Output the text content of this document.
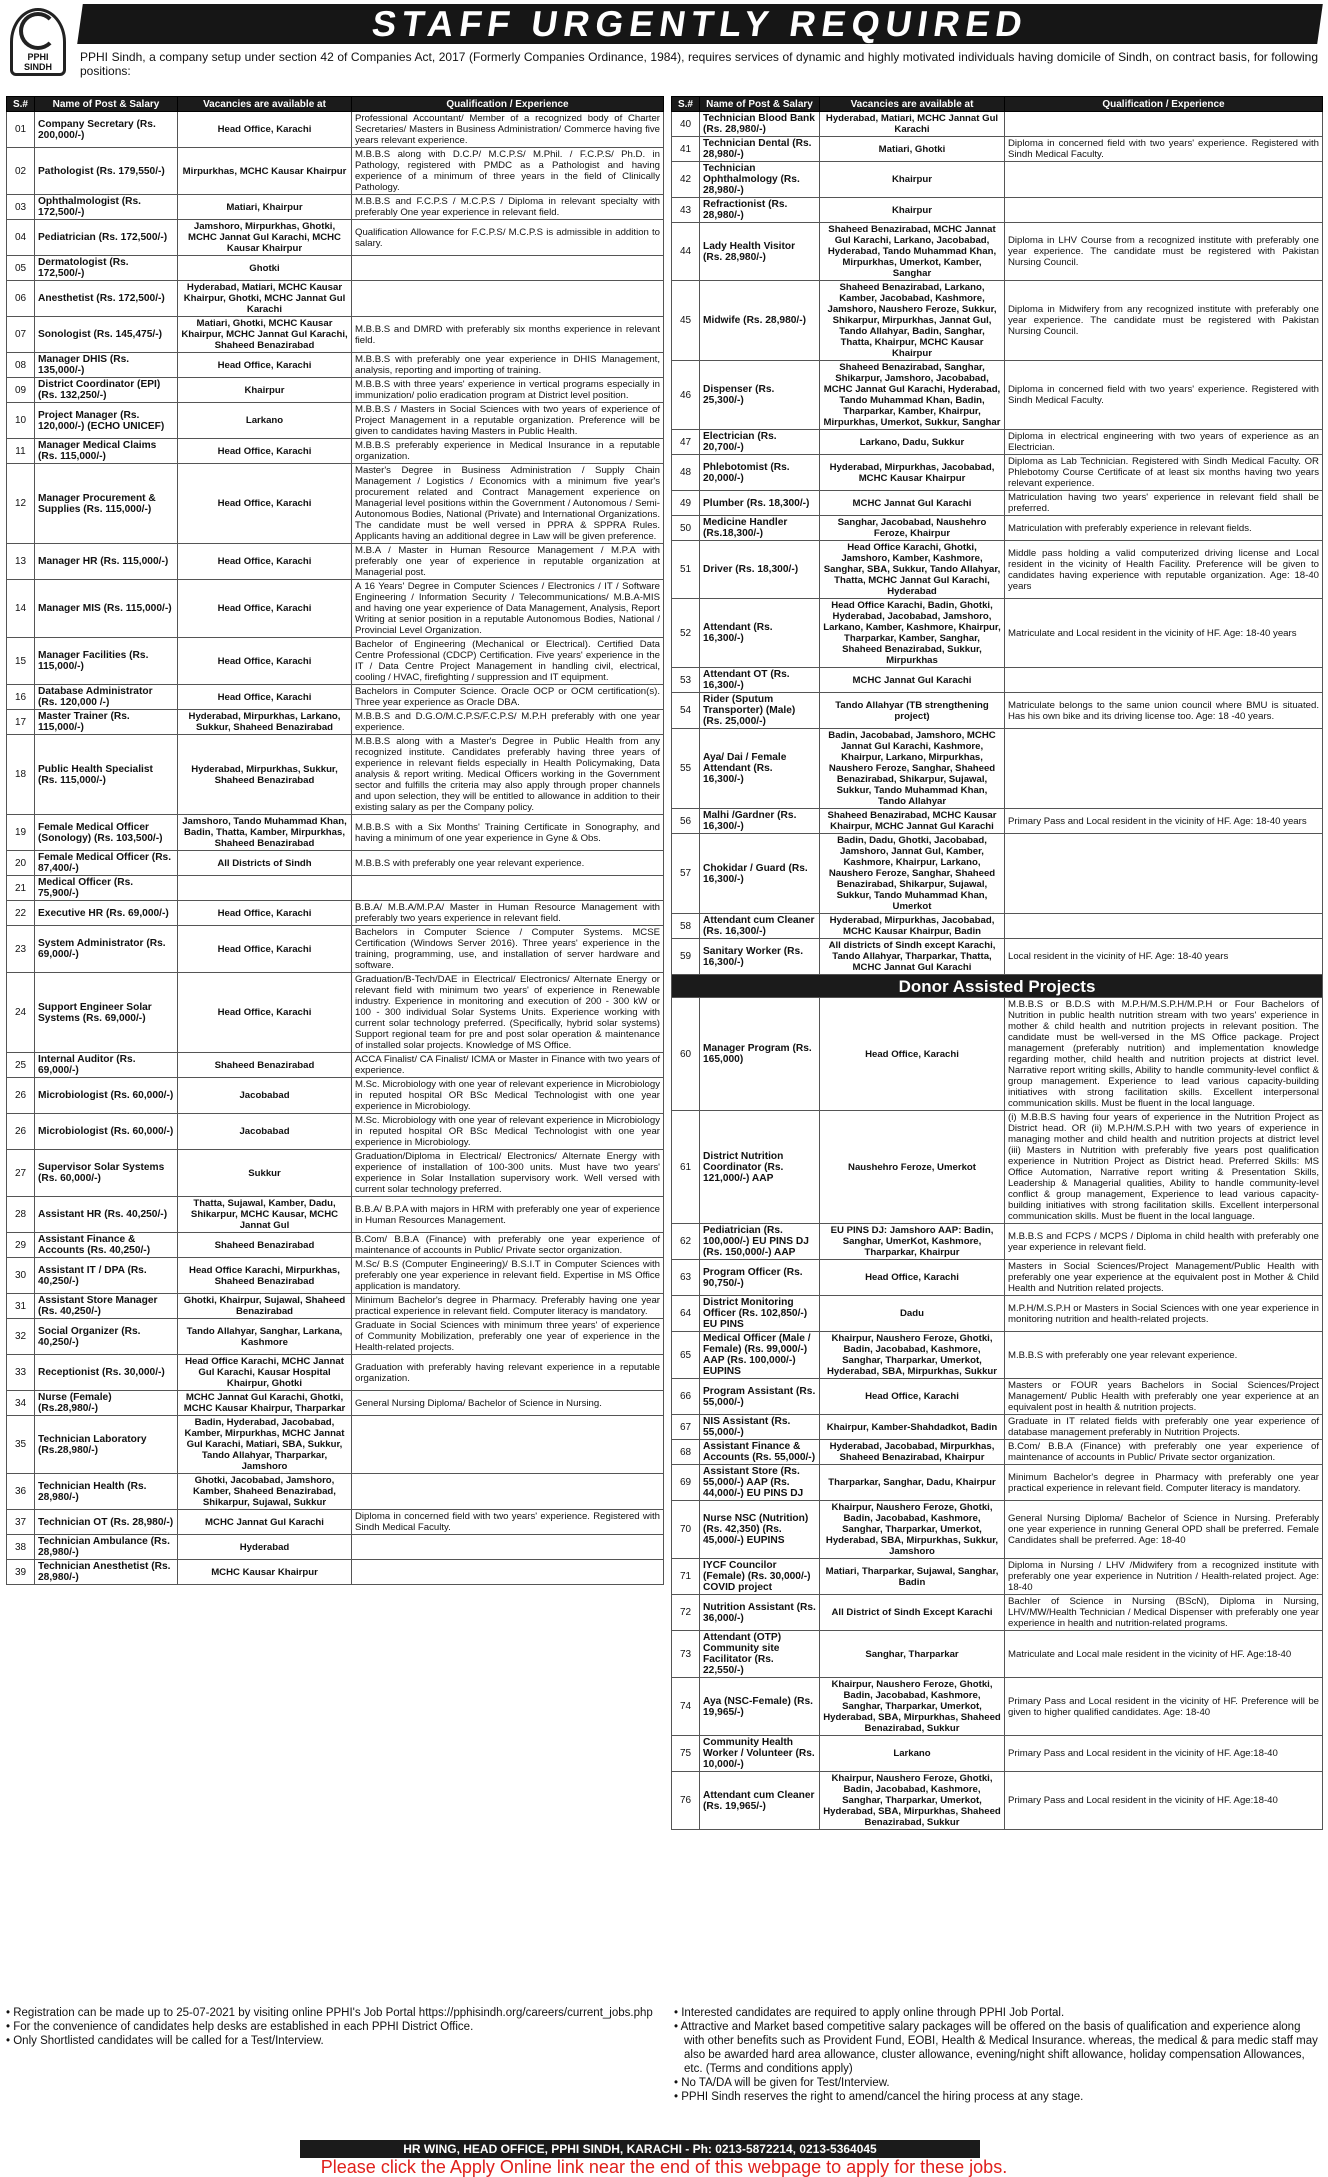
PPHI SINDH
STAFF URGENTLY REQUIRED
PPHI Sindh, a company setup under section 42 of Companies Act, 2017 (Formerly Companies Ordinance, 1984), requires services of dynamic and highly motivated individuals having domicile of Sindh, on contract basis, for following positions:
S.#	Name of Post & Salary	Vacancies are available at	Qualification / Experience
01	Company Secretary (Rs. 200,000/-)	Head Office, Karachi	Professional Accountant/ Member of a recognized body of Charter Secretaries/ Masters in Business Administration/ Commerce having five years relevant experience.
02	Pathologist (Rs. 179,550/-)	Mirpurkhas, MCHC Kausar Khairpur	M.B.B.S along with D.C.P/ M.C.P.S/ M.Phil. / F.C.P.S/ Ph.D. in Pathology, registered with PMDC as a Pathologist and having experience of a minimum of three years in the field of Clinically Pathology.
03	Ophthalmologist (Rs. 172,500/-)	Matiari, Khairpur	M.B.B.S and F.C.P.S / M.C.P.S / Diploma in relevant specialty with preferably One year experience in relevant field.
04	Pediatrician (Rs. 172,500/-)	Jamshoro, Mirpurkhas, Ghotki, MCHC Jannat Gul Karachi, MCHC Kausar Khairpur	Qualification Allowance for F.C.P.S/ M.C.P.S is admissible in addition to salary.
05	Dermatologist (Rs. 172,500/-)	Ghotki	
06	Anesthetist (Rs. 172,500/-)	Hyderabad, Matiari, MCHC Kausar Khairpur, Ghotki, MCHC Jannat Gul Karachi	
07	Sonologist (Rs. 145,475/-)	Matiari, Ghotki, MCHC Kausar Khairpur, MCHC Jannat Gul Karachi, Shaheed Benazirabad	M.B.B.S and DMRD with preferably six months experience in relevant field.
08	Manager DHIS (Rs. 135,000/-)	Head Office, Karachi	M.B.B.S with preferably one year experience in DHIS Management, analysis, reporting and importing of training.
09	District Coordinator (EPI) (Rs. 132,250/-)	Khairpur	M.B.B.S with three years' experience in vertical programs especially in immunization/ polio eradication program at District level position.
10	Project Manager (Rs. 120,000/-) (ECHO UNICEF)	Larkano	M.B.B.S / Masters in Social Sciences with two years of experience of Project Management in a reputable organization. Preference will be given to candidates having Masters in Public Health.
11	Manager Medical Claims (Rs. 115,000/-)	Head Office, Karachi	M.B.B.S preferably experience in Medical Insurance in a reputable organization.
12	Manager Procurement & Supplies (Rs. 115,000/-)	Head Office, Karachi	Master's Degree in Business Administration / Supply Chain Management / Logistics / Economics with a minimum five year's procurement related and Contract Management experience on Managerial level positions within the Government / Autonomous / Semi-Autonomous Bodies, National (Private) and International Organizations. The candidate must be well versed in PPRA & SPPRA Rules. Applicants having an additional degree in Law will be given preference.
13	Manager HR (Rs. 115,000/-)	Head Office, Karachi	M.B.A / Master in Human Resource Management / M.P.A with preferably one year of experience in reputable organization at Managerial post.
14	Manager MIS (Rs. 115,000/-)	Head Office, Karachi	A 16 Years' Degree in Computer Sciences / Electronics / IT / Software Engineering / Information Security / Telecommunications/ M.B.A-MIS and having one year experience of Data Management, Analysis, Report Writing at senior position in a reputable Autonomous Bodies, National / Provincial Level Organization.
15	Manager Facilities (Rs. 115,000/-)	Head Office, Karachi	Bachelor of Engineering (Mechanical or Electrical). Certified Data Centre Professional (CDCP) Certification. Five years' experience in the IT / Data Centre Project Management in handling civil, electrical, cooling / HVAC, firefighting / suppression and IT equipment.
16	Database Administrator (Rs. 120,000 /-)	Head Office, Karachi	Bachelors in Computer Science. Oracle OCP or OCM certification(s). Three year experience as Oracle DBA.
17	Master Trainer (Rs. 115,000/-)	Hyderabad, Mirpurkhas, Larkano, Sukkur, Shaheed Benazirabad	M.B.B.S and D.G.O/M.C.P.S/F.C.P.S/ M.P.H preferably with one year experience.
18	Public Health Specialist (Rs. 115,000/-)	Hyderabad, Mirpurkhas, Sukkur, Shaheed Benazirabad	M.B.B.S along with a Master's Degree in Public Health from any recognized institute. Candidates preferably having three years of experience in relevant fields especially in Health Policymaking, Data analysis & report writing. Medical Officers working in the Government sector and fulfills the criteria may also apply through proper channels and upon selection, they will be entitled to allowance in addition to their existing salary as per the Company policy.
19	Female Medical Officer (Sonology) (Rs. 103,500/-)	Jamshoro, Tando Muhammad Khan, Badin, Thatta, Kamber, Mirpurkhas, Shaheed Benazirabad	M.B.B.S with a Six Months' Training Certificate in Sonography, and having a minimum of one year experience in Gyne & Obs.
20	Female Medical Officer (Rs. 87,400/-)	All Districts of Sindh	M.B.B.S with preferably one year relevant experience.
21	Medical Officer (Rs. 75,900/-)		
22	Executive HR (Rs. 69,000/-)	Head Office, Karachi	B.B.A/ M.B.A/M.P.A/ Master in Human Resource Management with preferably two years experience in relevant field.
23	System Administrator (Rs. 69,000/-)	Head Office, Karachi	Bachelors in Computer Science / Computer Systems. MCSE Certification (Windows Server 2016). Three years' experience in the training, programming, use, and installation of server hardware and software.
24	Support Engineer Solar Systems (Rs. 69,000/-)	Head Office, Karachi	Graduation/B-Tech/DAE in Electrical/ Electronics/ Alternate Energy or relevant field with minimum two years' of experience in Renewable industry. Experience in monitoring and execution of 200 - 300 kW or 100 - 300 individual Solar Systems Units. Experience working with current solar technology preferred. (Specifically, hybrid solar systems) Support regional team for pre and post solar operation & maintenance of installed solar projects. Knowledge of MS Office.
25	Internal Auditor (Rs. 69,000/-)	Shaheed Benazirabad	ACCA Finalist/ CA Finalist/ ICMA or Master in Finance with two years of experience.
26	Microbiologist (Rs. 60,000/-)	Jacobabad	M.Sc. Microbiology with one year of relevant experience in Microbiology in reputed hospital OR BSc Medical Technologist with one year experience in Microbiology.
26	Microbiologist (Rs. 60,000/-)	Jacobabad	M.Sc. Microbiology with one year of relevant experience in Microbiology in reputed hospital OR BSc Medical Technologist with one year experience in Microbiology.
27	Supervisor Solar Systems (Rs. 60,000/-)	Sukkur	Graduation/Diploma in Electrical/ Electronics/ Alternate Energy with experience of installation of 100-300 units. Must have two years' experience in Solar Installation supervisory work. Well versed with current solar technology preferred.
28	Assistant HR (Rs. 40,250/-)	Thatta, Sujawal, Kamber, Dadu, Shikarpur, MCHC Kausar, MCHC Jannat Gul	B.B.A/ B.P.A with majors in HRM with preferably one year of experience in Human Resources Management.
29	Assistant Finance & Accounts (Rs. 40,250/-)	Shaheed Benazirabad	B.Com/ B.B.A (Finance) with preferably one year experience of maintenance of accounts in Public/ Private sector organization.
30	Assistant IT / DPA (Rs. 40,250/-)	Head Office Karachi, Mirpurkhas, Shaheed Benazirabad	M.Sc/ B.S (Computer Engineering)/ B.S.I.T in Computer Sciences with preferably one year experience in relevant field. Expertise in MS Office application is mandatory.
31	Assistant Store Manager (Rs. 40,250/-)	Ghotki, Khairpur, Sujawal, Shaheed Benazirabad	Minimum Bachelor's degree in Pharmacy. Preferably having one year practical experience in relevant field. Computer literacy is mandatory.
32	Social Organizer (Rs. 40,250/-)	Tando Allahyar, Sanghar, Larkana, Kashmore	Graduate in Social Sciences with minimum three years' of experience of Community Mobilization, preferably one year of experience in the Health-related projects.
33	Receptionist (Rs. 30,000/-)	Head Office Karachi, MCHC Jannat Gul Karachi, Kausar Hospital Khairpur, Ghotki	Graduation with preferably having relevant experience in a reputable organization.
34	Nurse (Female) (Rs.28,980/-)	MCHC Jannat Gul Karachi, Ghotki, MCHC Kausar Khairpur, Tharparkar	General Nursing Diploma/ Bachelor of Science in Nursing.
35	Technician Laboratory (Rs.28,980/-)	Badin, Hyderabad, Jacobabad, Kamber, Mirpurkhas, MCHC Jannat Gul Karachi, Matiari, SBA, Sukkur, Tando Allahyar, Tharparkar, Jamshoro	
36	Technician Health (Rs. 28,980/-)	Ghotki, Jacobabad, Jamshoro, Kamber, Shaheed Benazirabad, Shikarpur, Sujawal, Sukkur	
37	Technician OT (Rs. 28,980/-)	MCHC Jannat Gul Karachi	Diploma in concerned field with two years' experience. Registered with Sindh Medical Faculty.
38	Technician Ambulance (Rs. 28,980/-)	Hyderabad	
39	Technician Anesthetist (Rs. 28,980/-)	MCHC Kausar Khairpur	
S.#	Name of Post & Salary	Vacancies are available at	Qualification / Experience
40	Technician Blood Bank (Rs. 28,980/-)	Hyderabad, Matiari, MCHC Jannat Gul Karachi	
41	Technician Dental (Rs. 28,980/-)	Matiari, Ghotki	Diploma in concerned field with two years' experience. Registered with Sindh Medical Faculty.
42	Technician Ophthalmology (Rs. 28,980/-)	Khairpur	
43	Refractionist (Rs. 28,980/-)	Khairpur	
44	Lady Health Visitor (Rs. 28,980/-)	Shaheed Benazirabad, MCHC Jannat Gul Karachi, Larkano, Jacobabad, Hyderabad, Tando Muhammad Khan, Mirpurkhas, Umerkot, Kamber, Sanghar	Diploma in LHV Course from a recognized institute with preferably one year experience. The candidate must be registered with Pakistan Nursing Council.
45	Midwife (Rs. 28,980/-)	Shaheed Benazirabad, Larkano, Kamber, Jacobabad, Kashmore, Jamshoro, Naushero Feroze, Sukkur, Shikarpur, Mirpurkhas, Jannat Gul, Tando Allahyar, Badin, Sanghar, Thatta, Khairpur, MCHC Kausar Khairpur	Diploma in Midwifery from any recognized institute with preferably one year experience. The candidate must be registered with Pakistan Nursing Council.
46	Dispenser (Rs. 25,300/-)	Shaheed Benazirabad, Sanghar, Shikarpur, Jamshoro, Jacobabad, MCHC Jannat Gul Karachi, Hyderabad, Tando Muhammad Khan, Badin, Tharparkar, Kamber, Khairpur, Mirpurkhas, Umerkot, Sukkur, Sanghar	Diploma in concerned field with two years' experience. Registered with Sindh Medical Faculty.
47	Electrician (Rs. 20,700/-)	Larkano, Dadu, Sukkur	Diploma in electrical engineering with two years of experience as an Electrician.
48	Phlebotomist (Rs. 20,000/-)	Hyderabad, Mirpurkhas, Jacobabad, MCHC Kausar Khairpur	Diploma as Lab Technician. Registered with Sindh Medical Faculty. OR Phlebotomy Course Certificate of at least six months having two years relevant experience.
49	Plumber (Rs. 18,300/-)	MCHC Jannat Gul Karachi	Matriculation having two years' experience in relevant field shall be preferred.
50	Medicine Handler (Rs.18,300/-)	Sanghar, Jacobabad, Naushehro Feroze, Khairpur	Matriculation with preferably experience in relevant fields.
51	Driver (Rs. 18,300/-)	Head Office Karachi, Ghotki, Jamshoro, Kamber, Kashmore, Sanghar, SBA, Sukkur, Tando Allahyar, Thatta, MCHC Jannat Gul Karachi, Hyderabad	Middle pass holding a valid computerized driving license and Local resident in the vicinity of Health Facility. Preference will be given to candidates having experience with reputable organization. Age: 18-40 years
52	Attendant (Rs. 16,300/-)	Head Office Karachi, Badin, Ghotki, Hyderabad, Jacobabad, Jamshoro, Larkano, Kamber, Kashmore, Khairpur, Tharparkar, Kamber, Sanghar, Shaheed Benazirabad, Sukkur, Mirpurkhas	Matriculate and Local resident in the vicinity of HF. Age: 18-40 years
53	Attendant OT (Rs. 16,300/-)	MCHC Jannat Gul Karachi	
54	Rider (Sputum Transporter) (Male) (Rs. 25,000/-)	Tando Allahyar (TB strengthening project)	Matriculate belongs to the same union council where BMU is situated. Has his own bike and its driving license too. Age: 18 -40 years.
55	Aya/ Dai / Female Attendant (Rs. 16,300/-)	Badin, Jacobabad, Jamshoro, MCHC Jannat Gul Karachi, Kashmore, Khairpur, Larkano, Mirpurkhas, Naushero Feroze, Sanghar, Shaheed Benazirabad, Shikarpur, Sujawal, Sukkur, Tando Muhammad Khan, Tando Allahyar	
56	Malhi /Gardner (Rs. 16,300/-)	Shaheed Benazirabad, MCHC Kausar Khairpur, MCHC Jannat Gul Karachi	Primary Pass and Local resident in the vicinity of HF. Age: 18-40 years
57	Chokidar / Guard (Rs. 16,300/-)	Badin, Dadu, Ghotki, Jacobabad, Jamshoro, Jannat Gul, Kamber, Kashmore, Khairpur, Larkano, Naushero Feroze, Sanghar, Shaheed Benazirabad, Shikarpur, Sujawal, Sukkur, Tando Muhammad Khan, Umerkot	
58	Attendant cum Cleaner (Rs. 16,300/-)	Hyderabad, Mirpurkhas, Jacobabad, MCHC Kausar Khairpur, Badin	
59	Sanitary Worker (Rs. 16,300/-)	All districts of Sindh except Karachi, Tando Allahyar, Tharparkar, Thatta, MCHC Jannat Gul Karachi	Local resident in the vicinity of HF. Age: 18-40 years
Donor Assisted Projects			
60	Manager Program (Rs. 165,000)	Head Office, Karachi	M.B.B.S or B.D.S with M.P.H/M.S.P.H/M.P.H or Four Bachelors of Nutrition in public health nutrition stream with two years' experience in mother & child health and nutrition projects in relevant position. The candidate must be well-versed in the MS Office package. Project management (preferably nutrition) and implementation knowledge regarding mother, child health and nutrition projects at district level. Narrative report writing skills, Ability to handle community-level conflict & group management. Experience to lead various capacity-building initiatives with strong facilitation skills. Excellent interpersonal communication skills. Must be fluent in the local language.
61	District Nutrition Coordinator (Rs. 121,000/-) AAP	Naushehro Feroze, Umerkot	(i) M.B.B.S having four years of experience in the Nutrition Project as District head. OR (ii) M.P.H/M.S.P.H with two years of experience in managing mother and child health and nutrition projects at district level (iii) Masters in Nutrition with preferably five years post qualification experience in Nutrition Project as District head. Preferred Skills: MS Office Automation, Narrative report writing & Presentation Skills, Leadership & Managerial qualities, Ability to handle community-level conflict & group management, Experience to lead various capacity-building initiatives with strong facilitation skills. Excellent interpersonal communication skills. Must be fluent in the local language.
62	Pediatrician (Rs. 100,000/-) EU PINS DJ (Rs. 150,000/-) AAP	EU PINS DJ: Jamshoro AAP: Badin, Sanghar, UmerKot, Kashmore, Tharparkar, Khairpur	M.B.B.S and FCPS / MCPS / Diploma in child health with preferably one year experience in relevant field.
63	Program Officer (Rs. 90,750/-)	Head Office, Karachi	Masters in Social Sciences/Project Management/Public Health with preferably one year experience at the equivalent post in Mother & Child Health and Nutrition related projects.
64	District Monitoring Officer (Rs. 102,850/-) EU PINS	Dadu	M.P.H/M.S.P.H or Masters in Social Sciences with one year experience in monitoring nutrition and health-related projects.
65	Medical Officer (Male / Female) (Rs. 99,000/-) AAP (Rs. 100,000/-) EUPINS	Khairpur, Naushero Feroze, Ghotki, Badin, Jacobabad, Kashmore, Sanghar, Tharparkar, Umerkot, Hyderabad, SBA, Mirpurkhas, Sukkur	M.B.B.S with preferably one year relevant experience.
66	Program Assistant (Rs. 55,000/-)	Head Office, Karachi	Masters or FOUR years Bachelors in Social Sciences/Project Management/ Public Health with preferably one year experience at an equivalent post in health & nutrition projects.
67	NIS Assistant (Rs. 55,000/-)	Khairpur, Kamber-Shahdadkot, Badin	Graduate in IT related fields with preferably one year experience of database management preferably in Nutrition Projects.
68	Assistant Finance & Accounts (Rs. 55,000/-)	Hyderabad, Jacobabad, Mirpurkhas, Shaheed Benazirabad, Khairpur	B.Com/ B.B.A (Finance) with preferably one year experience of maintenance of accounts in Public/ Private sector organization.
69	Assistant Store (Rs. 55,000/-) AAP (Rs. 44,000/-) EU PINS DJ	Tharparkar, Sanghar, Dadu, Khairpur	Minimum Bachelor's degree in Pharmacy with preferably one year practical experience in relevant field. Computer literacy is mandatory.
70	Nurse NSC (Nutrition) (Rs. 42,350) (Rs. 45,000/-) EUPINS	Khairpur, Naushero Feroze, Ghotki, Badin, Jacobabad, Kashmore, Sanghar, Tharparkar, Umerkot, Hyderabad, SBA, Mirpurkhas, Sukkur, Jamshoro	General Nursing Diploma/ Bachelor of Science in Nursing. Preferably one year experience in running General OPD shall be preferred. Female Candidates shall be preferred. Age: 18-40
71	IYCF Councilor (Female) (Rs. 30,000/-) COVID project	Matiari, Tharparkar, Sujawal, Sanghar, Badin	Diploma in Nursing / LHV /Midwifery from a recognized institute with preferably one year experience in Nutrition / Health-related project. Age: 18-40
72	Nutrition Assistant (Rs. 36,000/-)	All District of Sindh Except Karachi	Bachler of Science in Nursing (BScN), Diploma in Nursing, LHV/MW/Health Technician / Medical Dispenser with preferably one year experience in health and nutrition-related programs.
73	Attendant (OTP) Community site Facilitator (Rs. 22,550/-)	Sanghar, Tharparkar	Matriculate and Local male resident in the vicinity of HF. Age:18-40
74	Aya (NSC-Female) (Rs. 19,965/-)	Khairpur, Naushero Feroze, Ghotki, Badin, Jacobabad, Kashmore, Sanghar, Tharparkar, Umerkot, Hyderabad, SBA, Mirpurkhas, Shaheed Benazirabad, Sukkur	Primary Pass and Local resident in the vicinity of HF. Preference will be given to higher qualified candidates. Age: 18-40
75	Community Health Worker / Volunteer (Rs. 10,000/-)	Larkano	Primary Pass and Local resident in the vicinity of HF. Age:18-40
76	Attendant cum Cleaner (Rs. 19,965/-)	Khairpur, Naushero Feroze, Ghotki, Badin, Jacobabad, Kashmore, Sanghar, Tharparkar, Umerkot, Hyderabad, SBA, Mirpurkhas, Shaheed Benazirabad, Sukkur	Primary Pass and Local resident in the vicinity of HF. Age:18-40
• Registration can be made up to 25-07-2021 by visiting online PPHI's Job Portal https://pphisindh.org/careers/current_jobs.php
• For the convenience of candidates help desks are established in each PPHI District Office.
• Only Shortlisted candidates will be called for a Test/Interview.
• Interested candidates are required to apply online through PPHI Job Portal.
• Attractive and Market based competitive salary packages will be offered on the basis of qualification and experience along with other benefits such as Provident Fund, EOBI, Health & Medical Insurance. whereas, the medical & para medic staff may also be awarded hard area allowance, cluster allowance, evening/night shift allowance, holiday compensation Allowances, etc. (Terms and conditions apply)
• No TA/DA will be given for Test/Interview.
• PPHI Sindh reserves the right to amend/cancel the hiring process at any stage.
HR WING, HEAD OFFICE, PPHI SINDH, KARACHI - Ph: 0213-5872214, 0213-5364045
Please click the Apply Online link near the end of this webpage to apply for these jobs.
